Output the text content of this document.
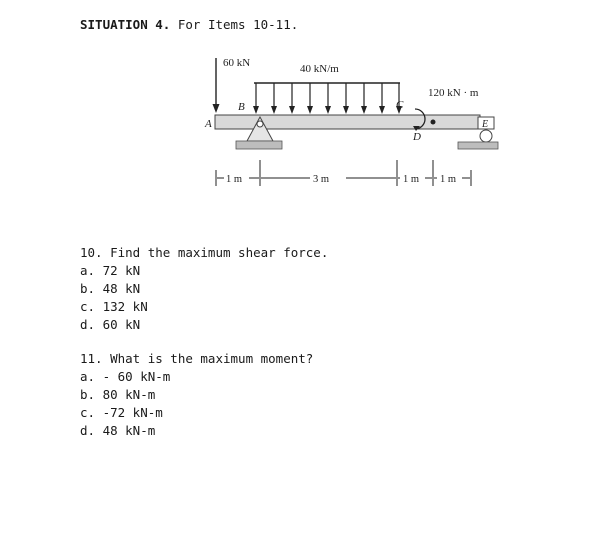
SITUATION 4. For Items 10-11.
60 kN	40 kN/m
120 kN · m
A
B	C
D
E
1 m	3 m	1 m 1 m
10. Find the maximum shear force.
a. 72 kN
b. 48 kN
c. 132 kN
d. 60 kN
11. What is the maximum moment?
a. - 60 kN-m
b. 80 kN-m
c. -72 kN-m
d. 48 kN-m
